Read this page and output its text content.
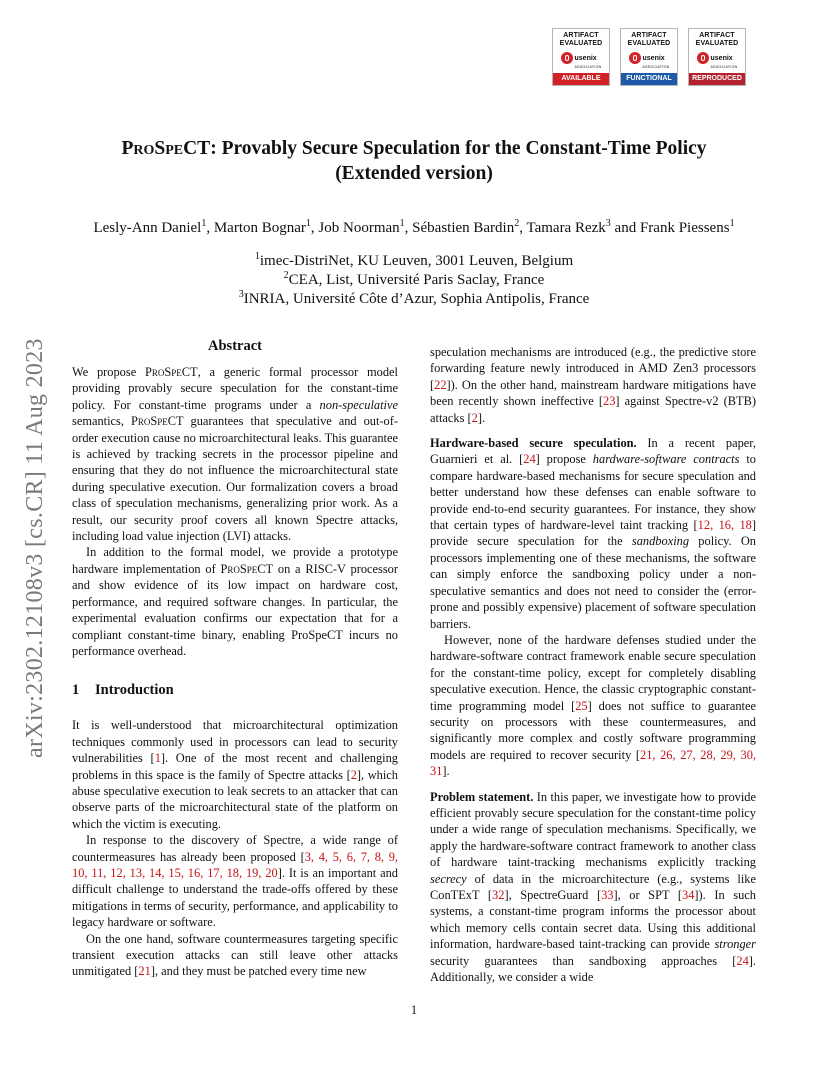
ARTIFACT
EVALUATED
usenix
ASSOCIATION
AVAILABLE
ARTIFACT
EVALUATED
usenix
ASSOCIATION
FUNCTIONAL
ARTIFACT
EVALUATED
usenix
ASSOCIATION
REPRODUCED
ProSpeCT: Provably Secure Speculation for the Constant-Time Policy
(Extended version)
Lesly-Ann Daniel$^1$, Marton Bognar$^1$, Job Noorman$^1$, Sébastien Bardin$^2$, Tamara Rezk$^3$ and Frank Piessens$^1$
$^1$imec-DistriNet, KU Leuven, 3001 Leuven, Belgium
$^2$CEA, List, Université Paris Saclay, France
$^3$INRIA, Université Côte d’Azur, Sophia Antipolis, France
arXiv:2302.12108v3 [cs.CR] 11 Aug 2023	Abstract

We propose ProSpeCT, a generic formal processor model providing provably secure speculation for the constant-time policy. For constant-time programs under a non-speculative semantics, ProSpeCT guarantees that speculative and out-of-order execution cause no microarchitectural leaks. This guarantee is achieved by tracking secrets in the processor pipeline and ensuring that they do not influence the microarchitectural state during speculative execution. Our formalization covers a broad class of speculation mechanisms, generalizing prior work. As a result, our security proof covers all known Spectre attacks, including load value injection (LVI) attacks.

In addition to the formal model, we provide a prototype hardware implementation of ProSpeCT on a RISC-V processor and show evidence of its low impact on hardware cost, performance, and required software changes. In particular, the experimental evaluation confirms our expectation that for a compliant constant-time binary, enabling ProSpeCT incurs no performance overhead.

1 Introduction

It is well-understood that microarchitectural optimization techniques commonly used in processors can lead to security vulnerabilities [1]. One of the most recent and challenging problems in this space is the family of Spectre attacks [2], which abuse speculative execution to leak secrets to an attacker that can observe parts of the microarchitectural state of the platform on which the victim is executing.

In response to the discovery of Spectre, a wide range of countermeasures has already been proposed [3, 4, 5, 6, 7, 8, 9, 10, 11, 12, 13, 14, 15, 16, 17, 18, 19, 20]. It is an important and difficult challenge to understand the trade-offs offered by these mitigations in terms of security, performance, and applicability to legacy hardware or software.

On the one hand, software countermeasures targeting specific transient execution attacks can still leave other attacks unmitigated [21], and they must be patched every time new

speculation mechanisms are introduced (e.g., the predictive store forwarding feature newly introduced in AMD Zen3 processors [22]). On the other hand, mainstream hardware mitigations have been recently shown ineffective [23] against Spectre-v2 (BTB) attacks [2].

Hardware-based secure speculation. In a recent paper, Guarnieri et al. [24] propose hardware-software contracts to compare hardware-based mechanisms for secure speculation and better understand how these defenses can enable software to provide end-to-end security guarantees. For instance, they show that certain types of hardware-level taint tracking [12, 16, 18] provide secure speculation for the sandboxing policy. On processors implementing one of these mechanisms, the software can simply enforce the sandboxing policy under a non-speculative semantics and does not need to consider the (error-prone and possibly expensive) placement of software speculation barriers.

However, none of the hardware defenses studied under the hardware-software contract framework enable secure speculation for the constant-time policy, except for completely disabling speculative execution. Hence, the classic cryptographic constant-time programming model [25] does not suffice to guarantee security on processors with these countermeasures, and significantly more complex and costly software programming models are required to recover security [21, 26, 27, 28, 29, 30, 31].

Problem statement. In this paper, we investigate how to provide efficient provably secure speculation for the constant-time policy under a wide range of speculation mechanisms. Specifically, we apply the hardware-software contract framework to another class of hardware taint-tracking mechanisms explicitly tracking secrecy of data in the microarchitecture (e.g., systems like ConTExT [32], SpectreGuard [33], or SPT [34]). In such systems, a constant-time program informs the processor about which memory cells contain secret data. Using this additional information, hardware-based taint-tracking can provide stronger security guarantees than sandboxing approaches [24]. Additionally, we consider a wide

1
